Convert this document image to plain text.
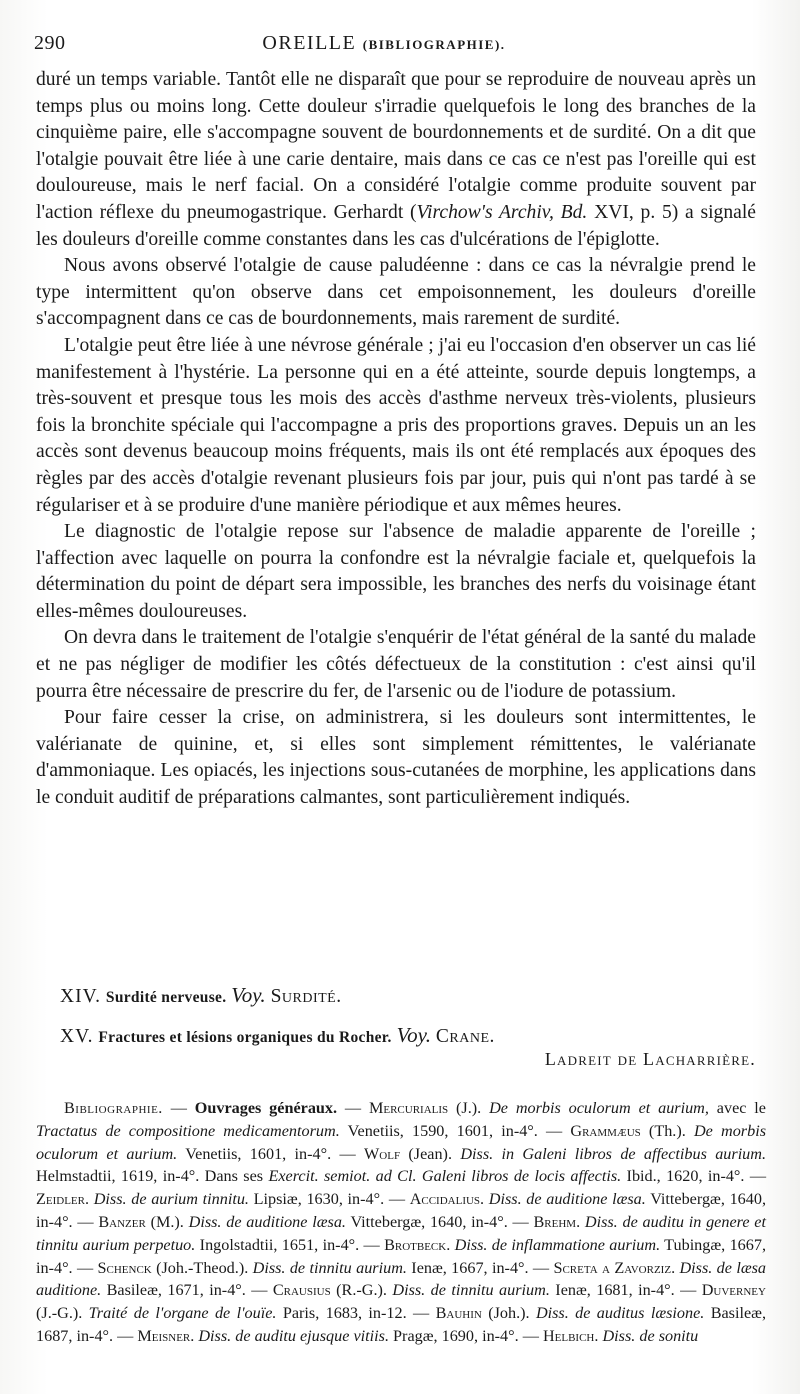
290	OREILLE (BIBLIOGRAPHIE).

duré un temps variable. Tantôt elle ne disparaît que pour se reproduire de nouveau après un temps plus ou moins long. Cette douleur s'irradie quelquefois le long des branches de la cinquième paire, elle s'accompagne souvent de bourdonnements et de surdité. On a dit que l'otalgie pouvait être liée à une carie dentaire, mais dans ce cas ce n'est pas l'oreille qui est douloureuse, mais le nerf facial. On a considéré l'otalgie comme produite souvent par l'action réflexe du pneumogastrique. Gerhardt (Virchow's Archiv, Bd. XVI, p. 5) a signalé les douleurs d'oreille comme constantes dans les cas d'ulcérations de l'épiglotte.

Nous avons observé l'otalgie de cause paludéenne : dans ce cas la névralgie prend le type intermittent qu'on observe dans cet empoisonnement, les douleurs d'oreille s'accompagnent dans ce cas de bourdonnements, mais rarement de surdité.

L'otalgie peut être liée à une névrose générale ; j'ai eu l'occasion d'en observer un cas lié manifestement à l'hystérie. La personne qui en a été atteinte, sourde depuis longtemps, a très-souvent et presque tous les mois des accès d'asthme nerveux très-violents, plusieurs fois la bronchite spéciale qui l'accompagne a pris des proportions graves. Depuis un an les accès sont devenus beaucoup moins fréquents, mais ils ont été remplacés aux époques des règles par des accès d'otalgie revenant plusieurs fois par jour, puis qui n'ont pas tardé à se régulariser et à se produire d'une manière périodique et aux mêmes heures.

Le diagnostic de l'otalgie repose sur l'absence de maladie apparente de l'oreille ; l'affection avec laquelle on pourra la confondre est la névralgie faciale et, quelquefois la détermination du point de départ sera impossible, les branches des nerfs du voisinage étant elles-mêmes douloureuses.

On devra dans le traitement de l'otalgie s'enquérir de l'état général de la santé du malade et ne pas négliger de modifier les côtés défectueux de la constitution : c'est ainsi qu'il pourra être nécessaire de prescrire du fer, de l'arsenic ou de l'iodure de potassium.

Pour faire cesser la crise, on administrera, si les douleurs sont intermittentes, le valérianate de quinine, et, si elles sont simplement rémittentes, le valérianate d'ammoniaque. Les opiacés, les injections sous-cutanées de morphine, les applications dans le conduit auditif de préparations calmantes, sont particulièrement indiqués.

XIV. Surdité nerveuse. Voy. Surdité.
XV. Fractures et lésions organiques du Rocher. Voy. Crane.
Ladreit de Lacharrière.

Bibliographie. — Ouvrages généraux. — Mercurialis (J.). De morbis oculorum et aurium, avec le Tractatus de compositione medicamentorum. Venetiis, 1590, 1601, in-4°. — Grammæus (Th.). De morbis oculorum et aurium. Venetiis, 1601, in-4°. — Wolf (Jean). Diss. in Galeni libros de affectibus aurium. Helmstadtii, 1619, in-4°. Dans ses Exercit. semiot. ad Cl. Galeni libros de locis affectis. Ibid., 1620, in-4°. — Zeidler. Diss. de aurium tinnitu. Lipsiæ, 1630, in-4°. — Accidalius. Diss. de auditione læsa. Vittebergæ, 1640, in-4°. — Banzer (M.). Diss. de auditione læsa. Vittebergæ, 1640, in-4°. — Brehm. Diss. de auditu in genere et tinnitu aurium perpetuo. Ingolstadtii, 1651, in-4°. — Brotbeck. Diss. de inflammatione aurium. Tubingæ, 1667, in-4°. — Schenck (Joh.-Theod.). Diss. de tinnitu aurium. Ienæ, 1667, in-4°. — Screta a Zavorziz. Diss. de læsa auditione. Basileæ, 1671, in-4°. — Crausius (R.-G.). Diss. de tinnitu aurium. Ienæ, 1681, in-4°. — Duverney (J.-G.). Traité de l'organe de l'ouïe. Paris, 1683, in-12. — Bauhin (Joh.). Diss. de auditus læsione. Basileæ, 1687, in-4°. — Meisner. Diss. de auditu ejusque vitiis. Pragæ, 1690, in-4°. — Helbich. Diss. de sonitu
